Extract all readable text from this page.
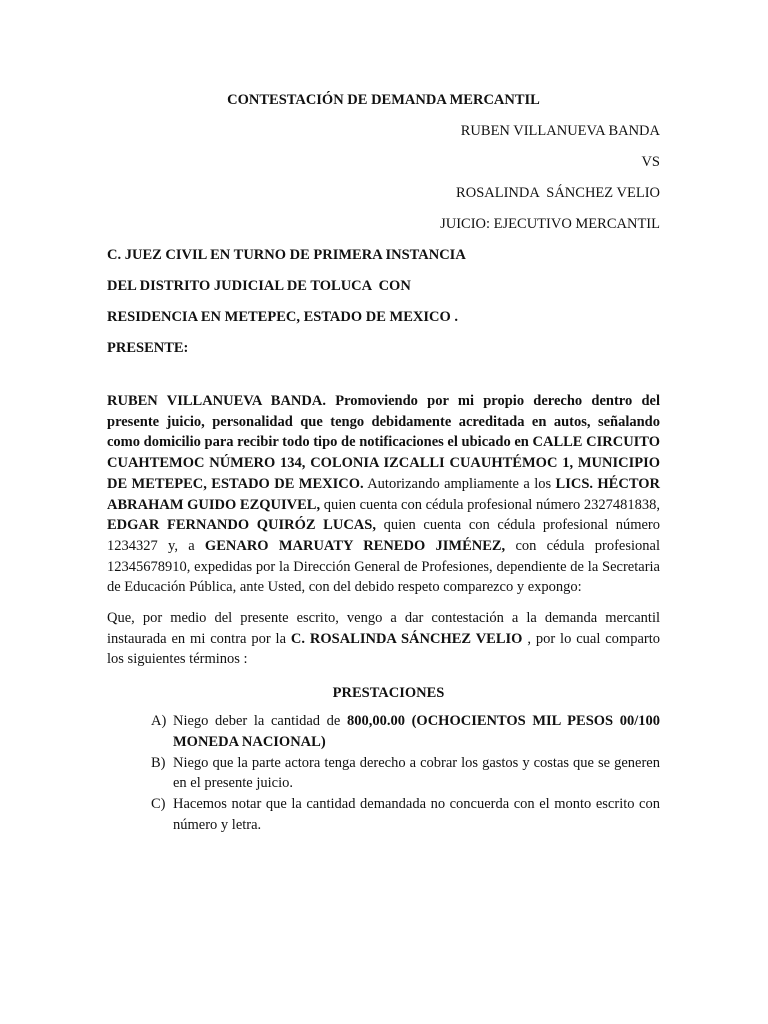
CONTESTACIÓN DE DEMANDA MERCANTIL
RUBEN VILLANUEVA BANDA
VS
ROSALINDA  SÁNCHEZ VELIO
JUICIO: EJECUTIVO MERCANTIL
C. JUEZ CIVIL EN TURNO DE PRIMERA INSTANCIA
DEL DISTRITO JUDICIAL DE TOLUCA  CON
RESIDENCIA EN METEPEC, ESTADO DE MEXICO .
PRESENTE:

RUBEN VILLANUEVA BANDA. Promoviendo por mi propio derecho dentro del presente juicio, personalidad que tengo debidamente acreditada en autos, señalando como domicilio para recibir todo tipo de notificaciones el ubicado en CALLE CIRCUITO CUAHTEMOC NÚMERO 134, COLONIA IZCALLI CUAUHTÉMOC 1, MUNICIPIO DE METEPEC, ESTADO DE MEXICO. Autorizando ampliamente a los LICS. HÉCTOR ABRAHAM GUIDO EZQUIVEL, quien cuenta con cédula profesional número 2327481838, EDGAR FERNANDO QUIRÓZ LUCAS, quien cuenta con cédula profesional número 1234327 y, a GENARO MARUATY RENEDO JIMÉNEZ, con cédula profesional 12345678910, expedidas por la Dirección General de Profesiones, dependiente de la Secretaria de Educación Pública, ante Usted, con del debido respeto comparezco y expongo:

Que, por medio del presente escrito, vengo a dar contestación a la demanda mercantil instaurada en mi contra por la C. ROSALINDA SÁNCHEZ VELIO , por lo cual comparto los siguientes términos :

PRESTACIONES
A) Niego deber la cantidad de 800,00.00 (OCHOCIENTOS MIL PESOS 00/100 MONEDA NACIONAL)
B) Niego que la parte actora tenga derecho a cobrar los gastos y costas que se generen en el presente juicio.
C) Hacemos notar que la cantidad demandada no concuerda con el monto escrito con número y letra.
